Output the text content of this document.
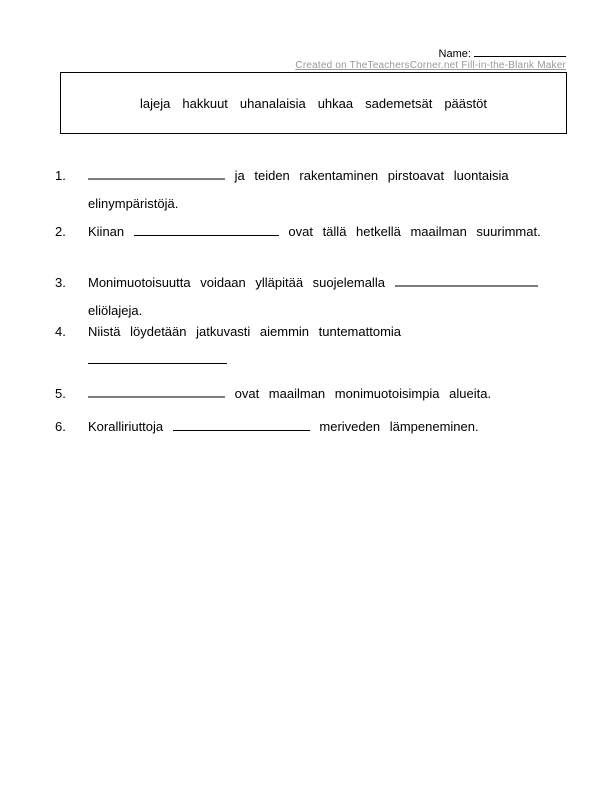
Name:
Created on TheTeachersCorner.net Fill-in-the-Blank Maker
lajeja hakkuut uhanalaisia uhkaa sademetsät päästöt
1.	ja teiden rakentaminen pirstoavat luontaisia
elinympäristöjä.
2. Kiinan	ovat tällä hetkellä maailman suurimmat.
3. Monimuotoisuutta voidaan ylläpitää suojelemalla
eliölajeja.
4. Niistä löydetään jatkuvasti aiemmin tuntemattomia
5.	ovat maailman monimuotoisimpia alueita.
6. Koralliriuttoja	meriveden lämpeneminen.
